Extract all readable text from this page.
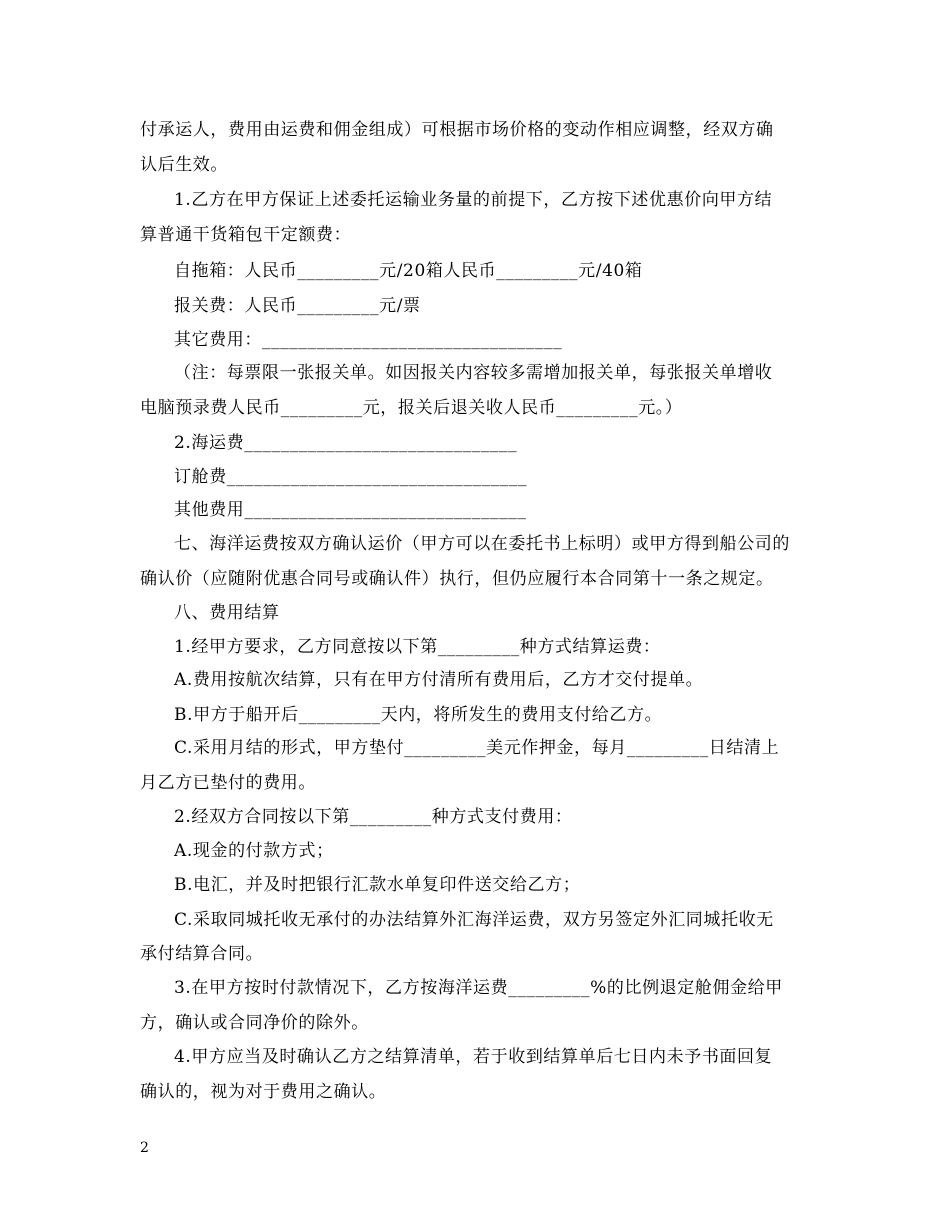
付承运人，费用由运费和佣金组成）可根据市场价格的变动作相应调整，经双方确
认后生效。
1.乙方在甲方保证上述委托运输业务量的前提下，乙方按下述优惠价向甲方结
算普通干货箱包干定额费：
自拖箱：人民币_________元/20箱人民币_________元/40箱
报关费：人民币_________元/票
其它费用：_________________________________
（注：每票限一张报关单。如因报关内容较多需增加报关单，每张报关单增收
电脑预录费人民币_________元，报关后退关收人民币_________元。）
2.海运费______________________________
订舱费_________________________________
其他费用_______________________________
七、海洋运费按双方确认运价（甲方可以在委托书上标明）或甲方得到船公司的
确认价（应随附优惠合同号或确认件）执行，但仍应履行本合同第十一条之规定。
八、费用结算
1.经甲方要求，乙方同意按以下第_________种方式结算运费：
A.费用按航次结算，只有在甲方付清所有费用后，乙方才交付提单。
B.甲方于船开后_________天内，将所发生的费用支付给乙方。
C.采用月结的形式，甲方垫付_________美元作押金，每月_________日结清上
月乙方已垫付的费用。
2.经双方合同按以下第_________种方式支付费用：
A.现金的付款方式；
B.电汇，并及时把银行汇款水单复印件送交给乙方；
C.采取同城托收无承付的办法结算外汇海洋运费，双方另签定外汇同城托收无
承付结算合同。
3.在甲方按时付款情况下，乙方按海洋运费_________%的比例退定舱佣金给甲
方，确认或合同净价的除外。
4.甲方应当及时确认乙方之结算清单，若于收到结算单后七日内未予书面回复
确认的，视为对于费用之确认。
2
